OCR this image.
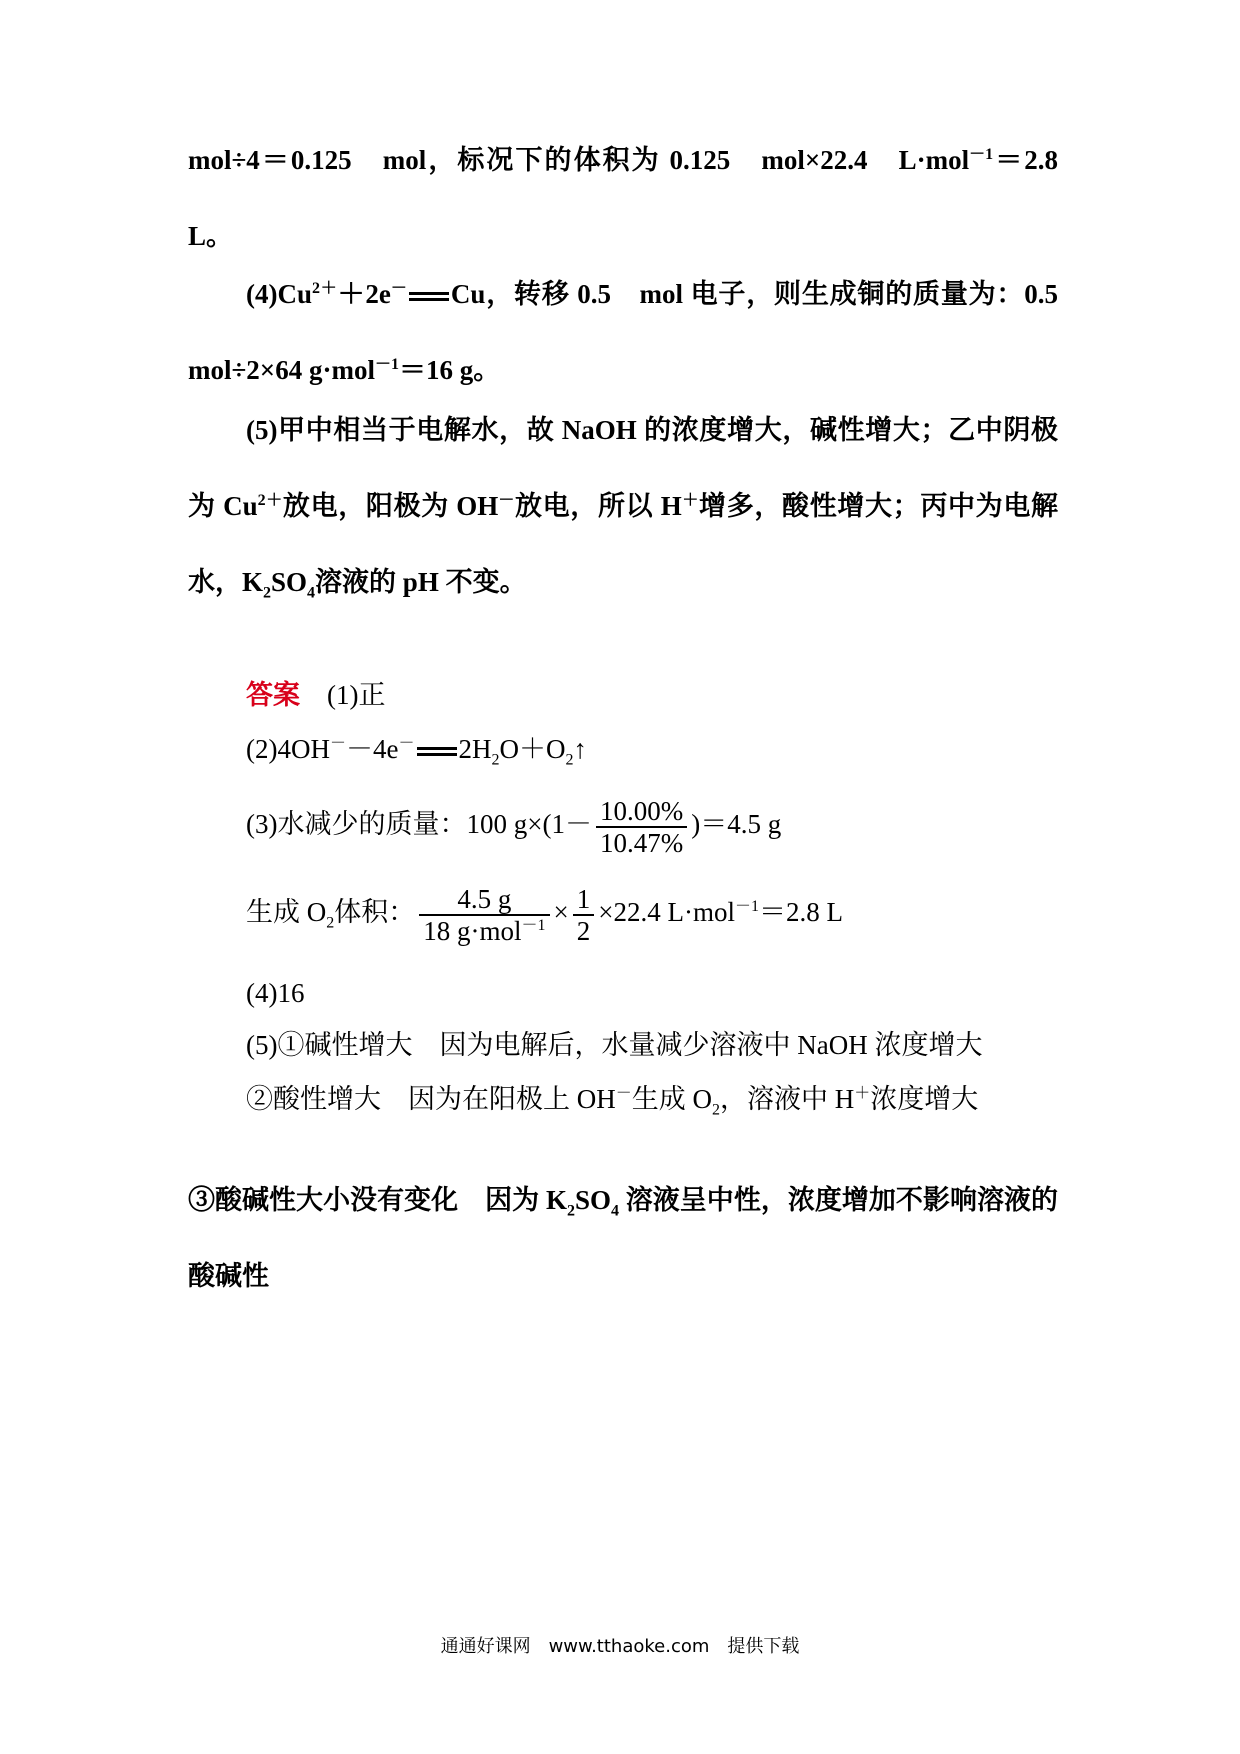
mol÷4＝0.125　mol，标况下的体积为 0.125　mol×22.4　L·mol$^{-1}$＝2.8 L。
$(4)Cu^{2+}+2e^-$ Cu，转移 0.5　mol 电子，则生成铜的质量为：0.5 mol÷2×64 g·mol$^{-1}$＝16 g。
(5)甲中相当于电解水，故 NaOH 的浓度增大，碱性增大；乙中阴极为 $Cu^{2+}$放电，阳极为 OH－放电，所以 H＋增多，酸性增大；丙中为电解水，$K_2SO_4$溶液的 pH 不变。
答案　 (1)正
(2)4OH－－4e－ $2H_2O+O_2↑$
(3)水减少的质量：100 $g\times(1- \frac{10.00\%}{10.47\%} )=4.5$ g
生成 $O_2$体积： $\frac{4.5 g}{18 g\cdot mol^{-1}} \times \frac{1}{2} \times 22.4$ L·mol$^{-1}$＝2.8 L
(4)16
(5)①碱性增大　因为电解后，水量减少溶液中 NaOH 浓度增大
②酸性增大　因为在阳极上 OH－生成 $O_2$，溶液中 H＋浓度增大
③酸碱性大小没有变化　因为 $K_2SO_4$ 溶液呈中性，浓度增加不影响溶液的酸碱性
通通好课网　www.tthaoke.com　提供下载
